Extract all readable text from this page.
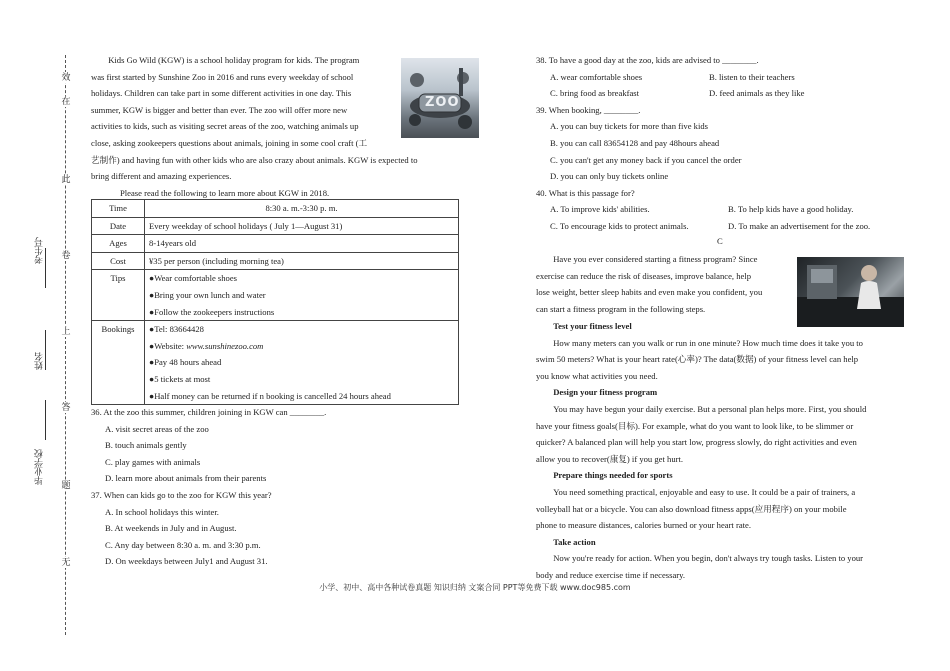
效
在
此
卷
上
答
题
无
考生号
姓名
毕业学校
ZOO

Kids Go Wild (KGW) is a school holiday program for kids. The program

was first started by Sunshine Zoo in 2016 and runs every weekday of school

holidays. Children can take part in some different activities in one day. This

summer, KGW is bigger and better than ever. The zoo will offer more new

activities to kids, such as visiting secret areas of the zoo, watching animals up

close, asking zookeepers questions about animals, joining in some cool craft (工

艺制作) and having fun with other kids who are also crazy about animals. KGW is expected to

bring different and amazing experiences.

Please read the following to learn more about KGW in 2018.
Time	8:30 a. m.-3:30 p. m.

Date	Every weekday of school holidays ( July 1—August 31)

Ages	8-14years old

Cost	¥35 per person (including morning tea)

Tips	●Wear comfortable shoes
●Bring your own lunch and water
●Follow the zookeepers instructions

Bookings	●Tel: 83664428
●Website: www.sunshinezoo.com
●Pay 48 hours ahead
●5 tickets at most
●Half money can be returned if n booking is cancelled 24 hours ahead

36. At the zoo this summer, children joining in KGW can ________.

A. visit secret areas of the zoo

B. touch animals gently

C. play games with animals

D. learn more about animals from their parents

37. When can kids go to the zoo for KGW this year?

A. In school holidays this winter.

B. At weekends in July and in August.

C. Any day between 8:30 a. m. and 3:30 p.m.

D. On weekdays between July1 and August 31.

38. To have a good day at the zoo, kids are advised to ________.

A. wear comfortable shoes	B. listen to their teachers
C. bring food as breakfast	D. feed animals as they like

39. When booking, ________.

A. you can buy tickets for more than five kids

B. you can call 83654128 and pay 48hours ahead

C. you can't get any money back if you cancel the order

D. you can only buy tickets online

40. What is this passage for?

A. To improve kids' abilities.	B. To help kids have a good holiday.
C. To encourage kids to protect animals.	D. To make an advertisement for the zoo.
C

Have you ever considered starting a fitness program? Since

exercise can reduce the risk of diseases, improve balance, help

lose weight, better sleep habits and even make you confident, you

can start a fitness program in the following steps.

Test your fitness level

How many meters can you walk or run in one minute? How much time does it take you to

swim 50 meters? What is your heart rate(心率)? The data(数据) of your fitness level can help

you know what activities you need.

Design your fitness program

You may have begun your daily exercise. But a personal plan helps more. First, you should

have your fitness goals(目标). For example, what do you want to look like, to be slimmer or

quicker? A balanced plan will help you start low, progress slowly, do right activities and even

allow you to recover(康复) if you get hurt.

Prepare things needed for sports

You need something practical, enjoyable and easy to use. It could be a pair of trainers, a

volleyball hat or a bicycle. You can also download fitness apps(应用程序) on your mobile

phone to measure distances, calories burned or your heart rate.

Take action

Now you're ready for action. When you begin, don't always try tough tasks. Listen to your

body and reduce exercise time if necessary.

小学、初中、高中各种试卷真题 知识归纳 文案合同 PPT等免费下载 www.doc985.com
